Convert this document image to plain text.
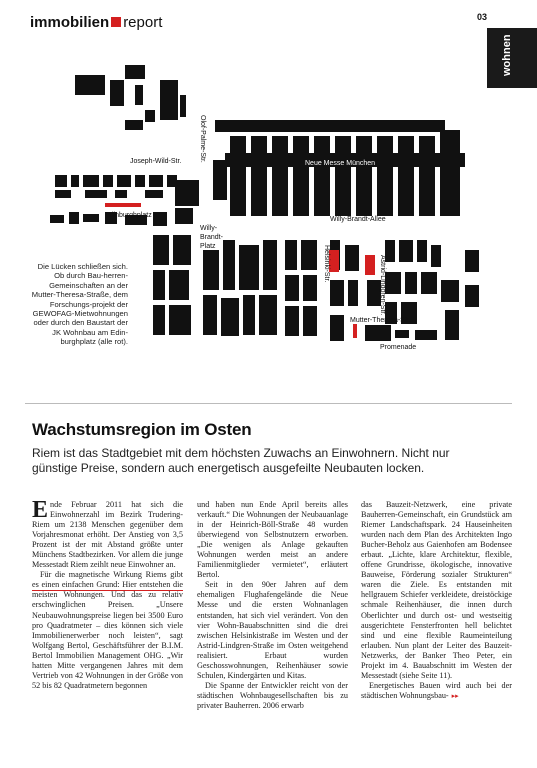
immobilien report	03
wohnen
Joseph-Wild-Str.	Olof-Palme-Str.
Neue Messe München
Edinburghplatz
Willy-Brandt-Allee
Willy-
Brandt-
Platz	Helsinki-Str.	Astrid-Lindgren-Str.
Mutter-Theresa-Str.
Promenade
Die Lücken schließen sich. Ob durch Bau-herren-Gemeinschaften an der Mutter-Theresa-Straße, dem Forschungs-projekt der GEWOFAG-Mietwohnungen oder durch den Baustart der JK Wohnbau am Edin-burghplatz (alle rot).
Wachstumsregion im Osten
Riem ist das Stadtgebiet mit dem höchsten Zuwachs an Einwohnern. Nicht nur günstige Preise, sondern auch energetisch ausgefeilte Neubauten locken.

Ende Februar 2011 hat sich die Einwohnerzahl im Bezirk Trudering-Riem um 2138 Menschen gegenüber dem Vorjahresmonat erhöht. Der Anstieg von 3,5 Prozent ist der mit Abstand größte unter Münchens Stadtbezirken. Vor allem die junge Messestadt Riem zeihlt neue Einwohner an.

Für die magnetische Wirkung Riems gibt es einen einfachen Grund: Hier entstehen die meisten Wohnungen. Und das zu relativ erschwinglichen Preisen. „Unsere Neubauwohnungspreise liegen bei 3500 Euro pro Quadratmeter – dies können sich viele Immobilienerwerber noch leisten“, sagt Wolfgang Bertol, Geschäftsführer der B.I.M. Bertol Immobilien Management OHG. „Wir hatten Mitte vergangenen Jahres mit dem Vertrieb von 42 Wohnungen in der Größe von 52 bis 82 Quadratmetern begonnen

und haben nun Ende April bereits alles verkauft.“ Die Wohnungen der Neubauanlage in der Heinrich-Böll-Straße 48 wurden überwiegend von Selbstnutzern erworben. „Die wenigen als Anlage gekauften Wohnungen werden meist an andere Familienmitglieder vermietet“, erläutert Bertol.

Seit in den 90er Jahren auf dem ehemaligen Flughafengelände die Neue Messe und die ersten Wohnanlagen entstanden, hat sich viel verändert. Von den vier Wohn-Bauabschnitten sind die drei zwischen Helsinkistraße im Westen und der Astrid-Lindgren-Straße im Osten weitgehend realisiert. Erbaut wurden Geschosswohnungen, Reihenhäuser sowie Schulen, Kindergärten und Kitas.

Die Spanne der Entwickler reicht von der städtischen Wohnbaugesellschaften bis zu privater Bauherren. 2006 erwarb

das Bauzeit-Netzwerk, eine private Bauherren-Gemeinschaft, ein Grundstück am Riemer Landschaftspark. 24 Hauseinheiten wurden nach dem Plan des Architekten Ingo Bucher-Beholz aus Gaienhofen am Bodensee erbaut. „Lichte, klare Architektur, flexible, offene Grundrisse, ökologische, innovative Bauweise, Förderung sozialer Strukturen“ waren die Ziele. Es entstanden mit hellgrauem Schiefer verkleidete, dreistöckige schmale Reihenhäuser, die innen durch Oberlichter und durch ost- und westseitig ausgerichtete Fensterfronten hell belichtet sind und eine flexible Raumeinteilung erlauben. Nun plant der Leiter des Bauzeit-Netzwerks, der Banker Theo Peter, ein Projekt im 4. Bauabschnitt im Westen der Messestadt (siehe Seite 11).

Energetisches Bauen wird auch bei der städtischen Wohnungsbau- ▸▸
